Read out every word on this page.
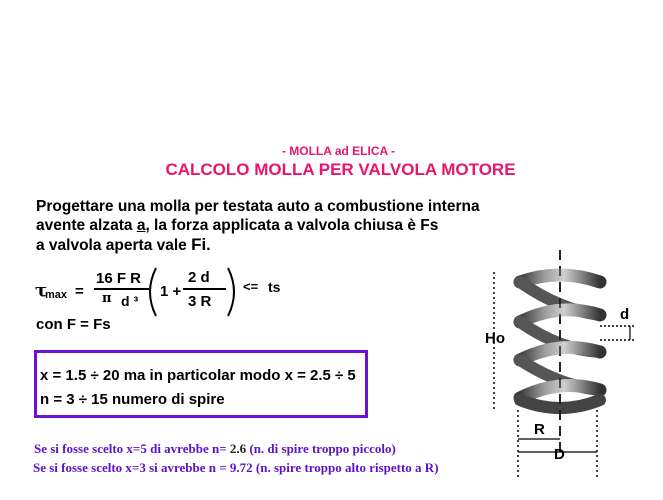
- MOLLA ad ELICA -
CALCOLO MOLLA PER VALVOLA MOTORE
Progettare una molla per testata auto a combustione interna
avente alzata a, la forza applicata a valvola chiusa è Fs
a valvola aperta vale Fi.
τ
max =
16 F R
π d ³
1 +
2 d
3 R
<= ts
con F = Fs
x = 1.5 ÷ 20 ma in particolar modo x = 2.5 ÷ 5
n = 3 ÷ 15 numero di spire
Se si fosse scelto x=5 di avrebbe n= 2.6 (n. di spire troppo piccolo)
Se si fosse scelto x=3 si avrebbe n = 9.72 (n. spire troppo alto rispetto a R)
Ho
d
R
D
